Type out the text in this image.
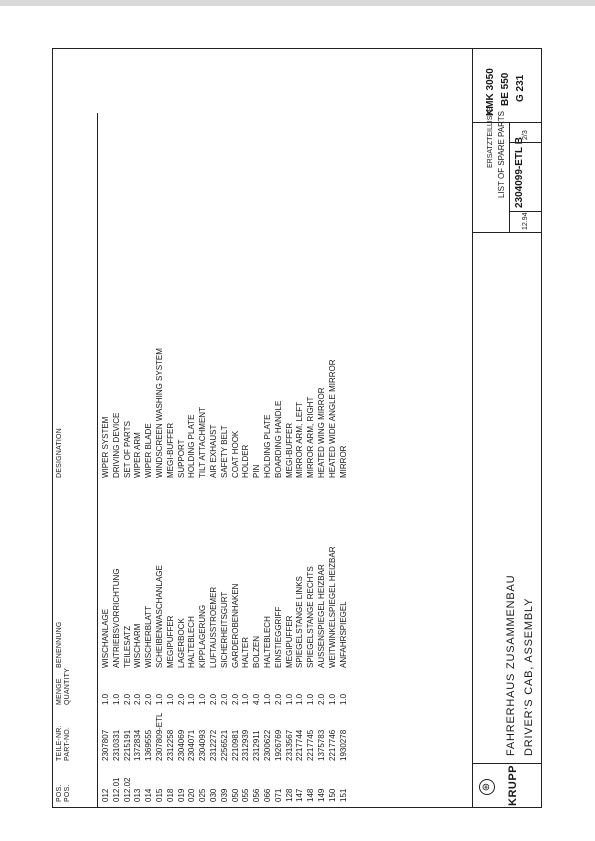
POS.
POS.
TEILE-NR.
PART-NO.
MENGE
QUANTITY
BENENNUNG
DESIGNATION
012
2307807
1.0
WISCHANLAGE
WIPER SYSTEM
012.01
2310331
1.0
ANTRIEBSVORRICHTUNG
DRIVING DEVICE
012.02
2215191
2.0
TEILESATZ
SET OF PARTS
013
1372834
2.0
WISCHARM
WIPER ARM
014
1369555
2.0
WISCHERBLATT
WIPER BLADE
015
2307809-ETL
1.0
SCHEIBENWASCHANLAGE
WINDSCREEN WASHING SYSTEM
018
2312258
1.0
MEGIPUFFER
MEGI-BUFFER
019
2304069
2.0
LAGERBOCK
SUPPORT
020
2304071
1.0
HALTEBLECH
HOLDING PLATE
025
2304093
1.0
KIPPLAGERUNG
TILT ATTACHMENT
030
2312272
2.0
LUFTAUSSTROEMER
AIR EXHAUST
039
2256521
2.0
SICHERHEITSGURT
SAFETY BELT
050
2210981
2.0
GARDEROBENHAKEN
COAT HOOK
055
2312939
1.0
HALTER
HOLDER
056
2312911
4.0
BOLZEN
PIN
066
2300622
1.0
HALTEBLECH
HOLDING PLATE
071
1926769
2.0
EINSTIEGGRIFF
BOARDING HANDLE
128
2313567
1.0
MEGIPUFFER
MEGI-BUFFER
147
2217744
1.0
SPIEGELSTANGE LINKS
MIRROR ARM, LEFT
148
2217745
1.0
SPIEGELSTANGE RECHTS
MIRROR ARM, RIGHT
149
1375783
2.0
AUSSENSPIEGEL HEIZBAR
HEATED WING MIRROR
150
2217746
1.0
WEITWINKELSPIEGEL HEIZBAR
HEATED WIDE ANGLE MIRROR
151
1930278
1.0
ANFAHRSPIEGEL
MIRROR
⊛ KRUPP
FAHRERHAUS ZUSAMMENBAU DRIVER'S CAB, ASSEMBLY
ERSATZTEILLISTE LIST OF SPARE PARTS
12.94
2304099-ETL B
2/3
KMK 3050 BE 550 G 231
